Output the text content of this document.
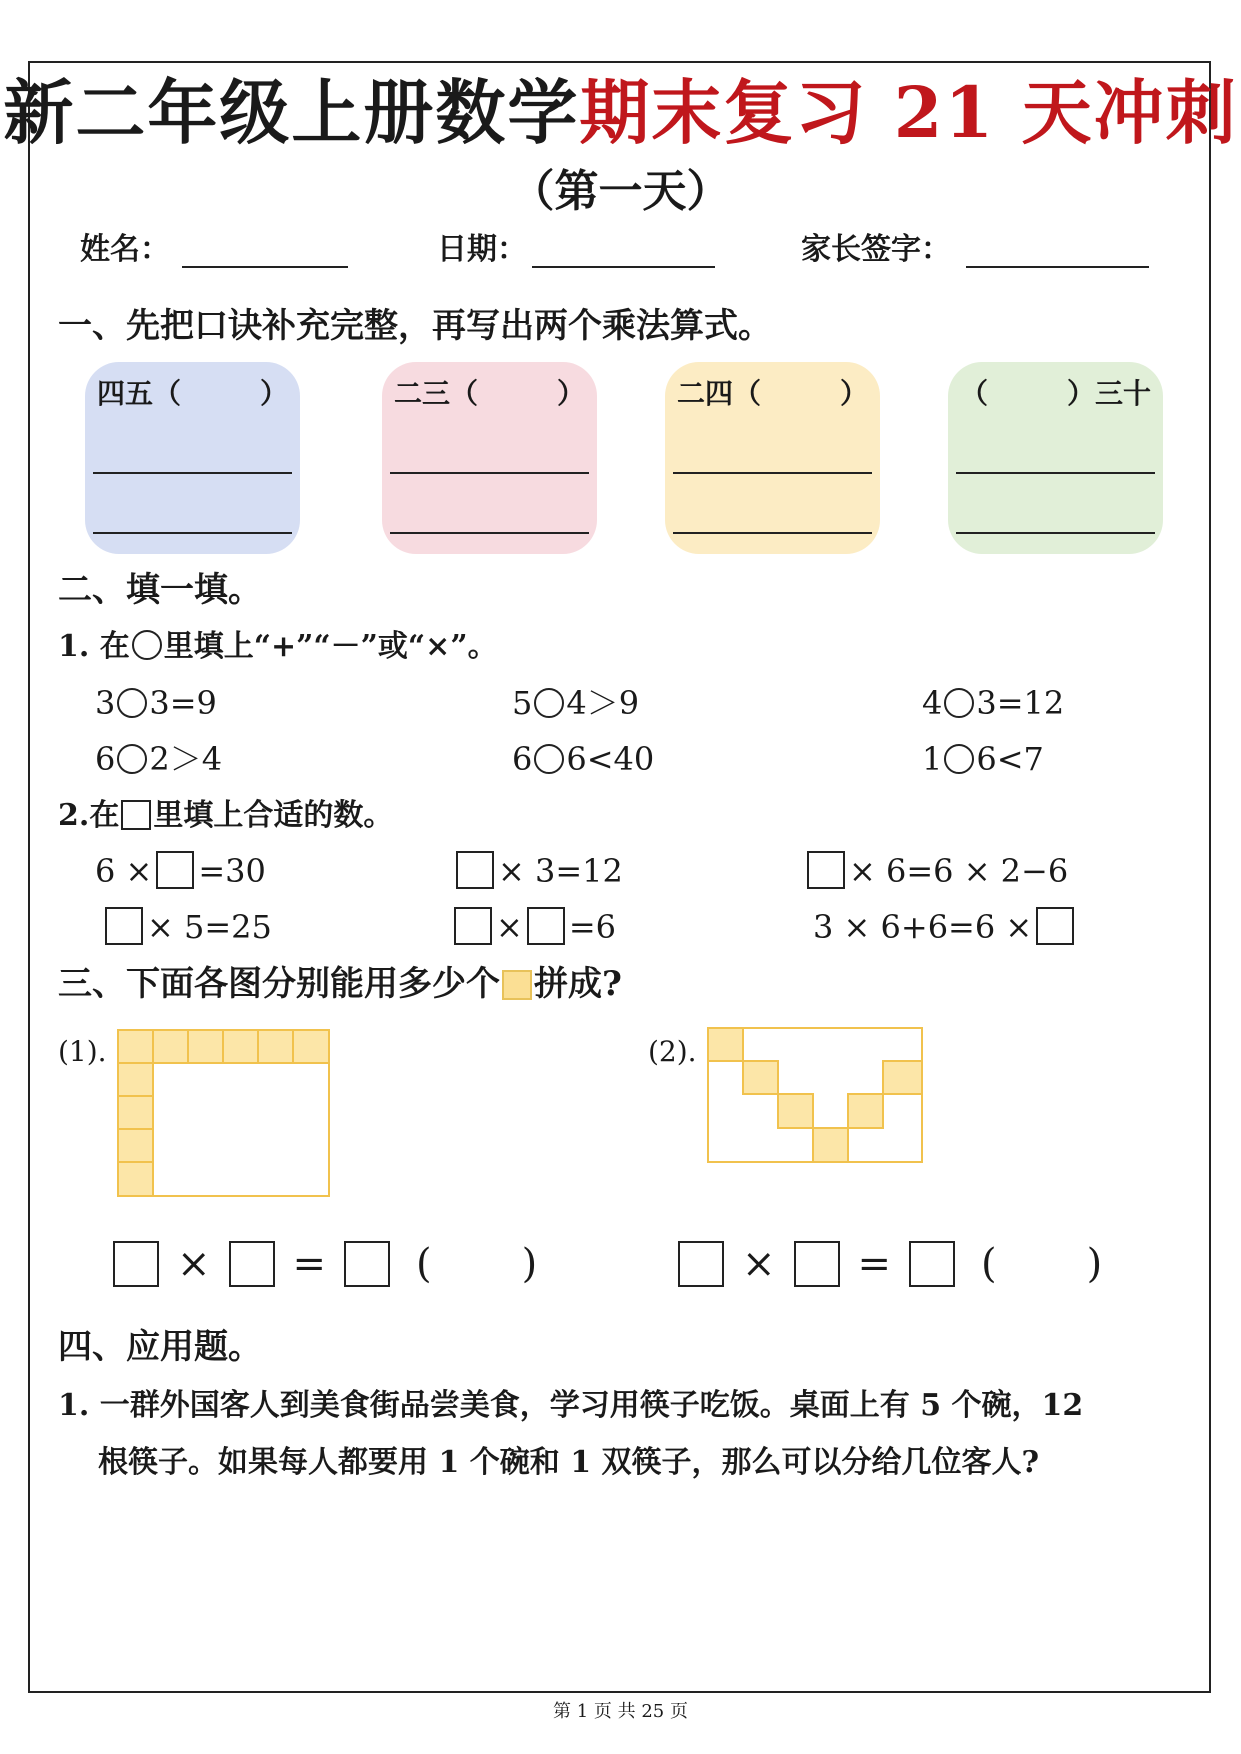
新二年级上册数学期末复习 21 天冲刺
（第一天）
姓名：	日期：	家长签字：
一、先把口诀补充完整，再写出两个乘法算式。
四五（	）	二三（	）	二四（	）	（	）三十
二、填一填。
1. 在 里填上“+”“－”或“×”。
3 3=9	5 4＞9	4 3=12
6 2＞4	6 6<40	1 6<7
2.在 里填上合适的数。
6 × =30	× 3=12	× 6=6 × 2−6
× 5=25	× =6	3 × 6+6=6 ×
三、下面各图分别能用多少个 拼成?
(1).	(2).
× = ( )	× = ( )
四、应用题。
1. 一群外国客人到美食街品尝美食，学习用筷子吃饭。桌面上有 5 个碗，12
根筷子。如果每人都要用 1 个碗和 1 双筷子，那么可以分给几位客人?
第 1 页 共 25 页
